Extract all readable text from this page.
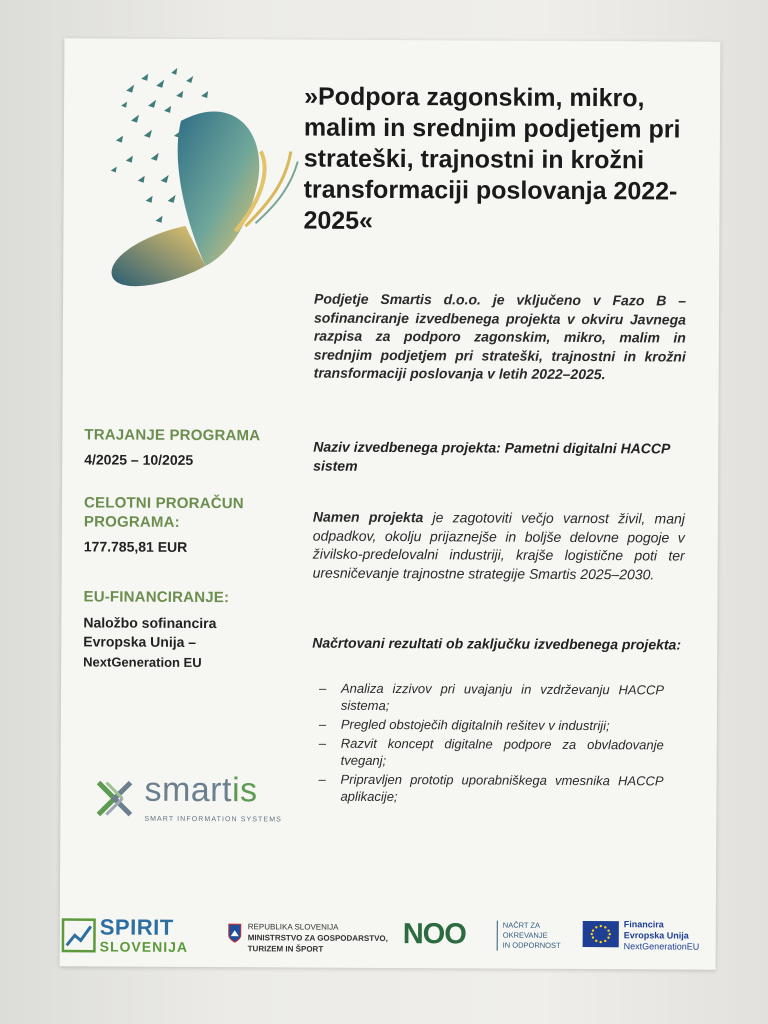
»Podpora zagonskim, mikro, malim in srednjim podjetjem pri strateški, trajnostni in krožni transformaciji poslovanja 2022-2025«
Podjetje Smartis d.o.o. je vključeno v Fazo B – sofinanciranje izvedbenega projekta v okviru Javnega razpisa za podporo zagonskim, mikro, malim in srednjim podjetjem pri strateški, trajnostni in krožni transformaciji poslovanja v letih 2022–2025.
TRAJANJE PROGRAMA
4/2025 – 10/2025
CELOTNI PRORAČUN
PROGRAMA:
177.785,81 EUR
EU-FINANCIRANJE:
Naložbo sofinancira
Evropska Unija –
NextGeneration EU
Naziv izvedbenega projekta: Pametni digitalni HACCP sistem
Namen projekta je zagotoviti večjo varnost živil, manj odpadkov, okolju prijaznejše in boljše delovne pogoje v živilsko-predelovalni industriji, krajše logistične poti ter uresničevanje trajnostne strategije Smartis 2025–2030.
Načrtovani rezultati ob zaključku izvedbenega projekta:
– Analiza izzivov pri uvajanju in vzdrževanju HACCP sistema;
– Pregled obstoječih digitalnih rešitev v industriji;
– Razvit koncept digitalne podpore za obvladovanje tveganj;
– Pripravljen prototip uporabniškega vmesnika HACCP aplikacije;
smartis
SMART INFORMATION SYSTEMS
SPIRIT
SLOVENIJA
REPUBLIKA SLOVENIJA
MINISTRSTVO ZA GOSPODARSTVO,
TURIZEM IN ŠPORT	NOO	NAČRT ZA
OKREVANJE
IN ODPORNOST
Financira
Evropska Unija
NextGenerationEU
